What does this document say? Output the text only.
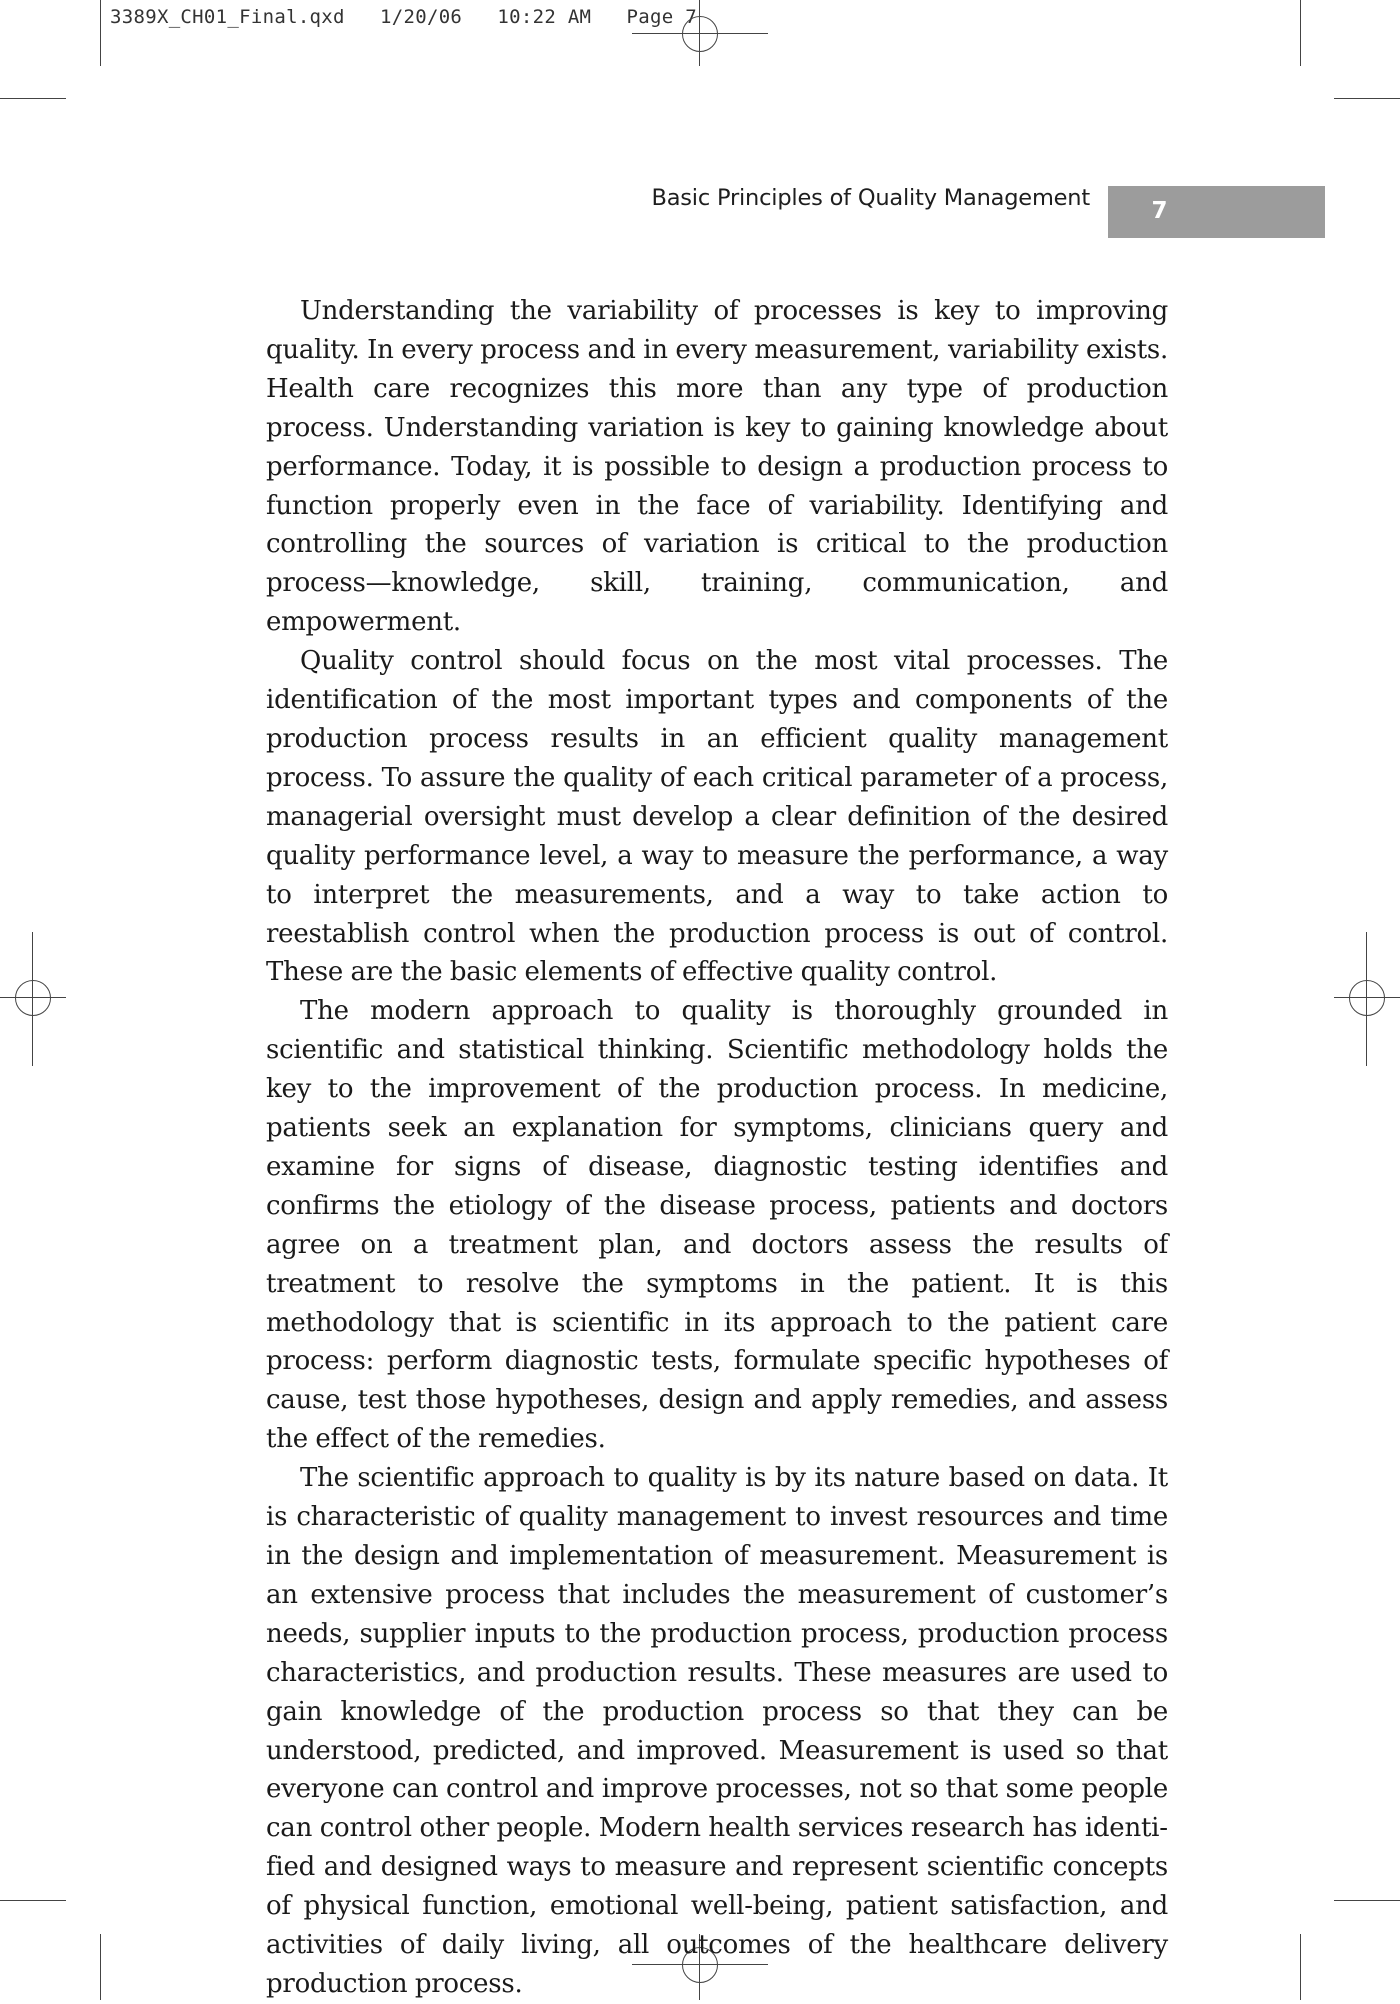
3389X_CH01_Final.qxd   1/20/06   10:22 AM   Page 7
Basic Principles of Quality Management	7

Understanding the variability of processes is key to improving quality. In every process and in every measurement, variability exists. Health care recognizes this more than any type of production process. Understanding variation is key to gaining knowledge about performance. Today, it is possible to design a production process to function properly even in the face of variability. Identifying and controlling the sources of variation is critical to the production process—knowledge, skill, training, communication, and empowerment.

Quality control should focus on the most vital processes. The identification of the most important types and components of the production process results in an efficient quality management process. To assure the quality of each critical parameter of a process, managerial oversight must develop a clear definition of the desired quality performance level, a way to measure the performance, a way to interpret the measurements, and a way to take action to reestablish control when the production process is out of control. These are the basic elements of effective quality control.

The modern approach to quality is thoroughly grounded in scientific and statistical thinking. Scientific methodology holds the key to the improvement of the production process. In medicine, patients seek an explanation for symptoms, clinicians query and examine for signs of disease, diagnostic testing identifies and confirms the etiology of the disease process, patients and doctors agree on a treatment plan, and doctors assess the results of treatment to resolve the symptoms in the patient. It is this methodology that is scientific in its approach to the patient care process: perform diagnostic tests, formulate specific hypotheses of cause, test those hypotheses, design and apply remedies, and assess the effect of the remedies.

The scientific approach to quality is by its nature based on data. It is characteristic of quality management to invest resources and time in the design and implementation of measurement. Measurement is an extensive process that includes the measurement of customer’s needs, supplier inputs to the production process, production process characteristics, and production results. These measures are used to gain knowledge of the production process so that they can be understood, predicted, and improved. Measurement is used so that everyone can control and improve processes, not so that some people can control other people. Modern health services research has identified and designed ways to measure and represent scientific concepts of physical function, emotional well-being, patient satisfaction, and activities of daily living, all outcomes of the healthcare delivery production process.
